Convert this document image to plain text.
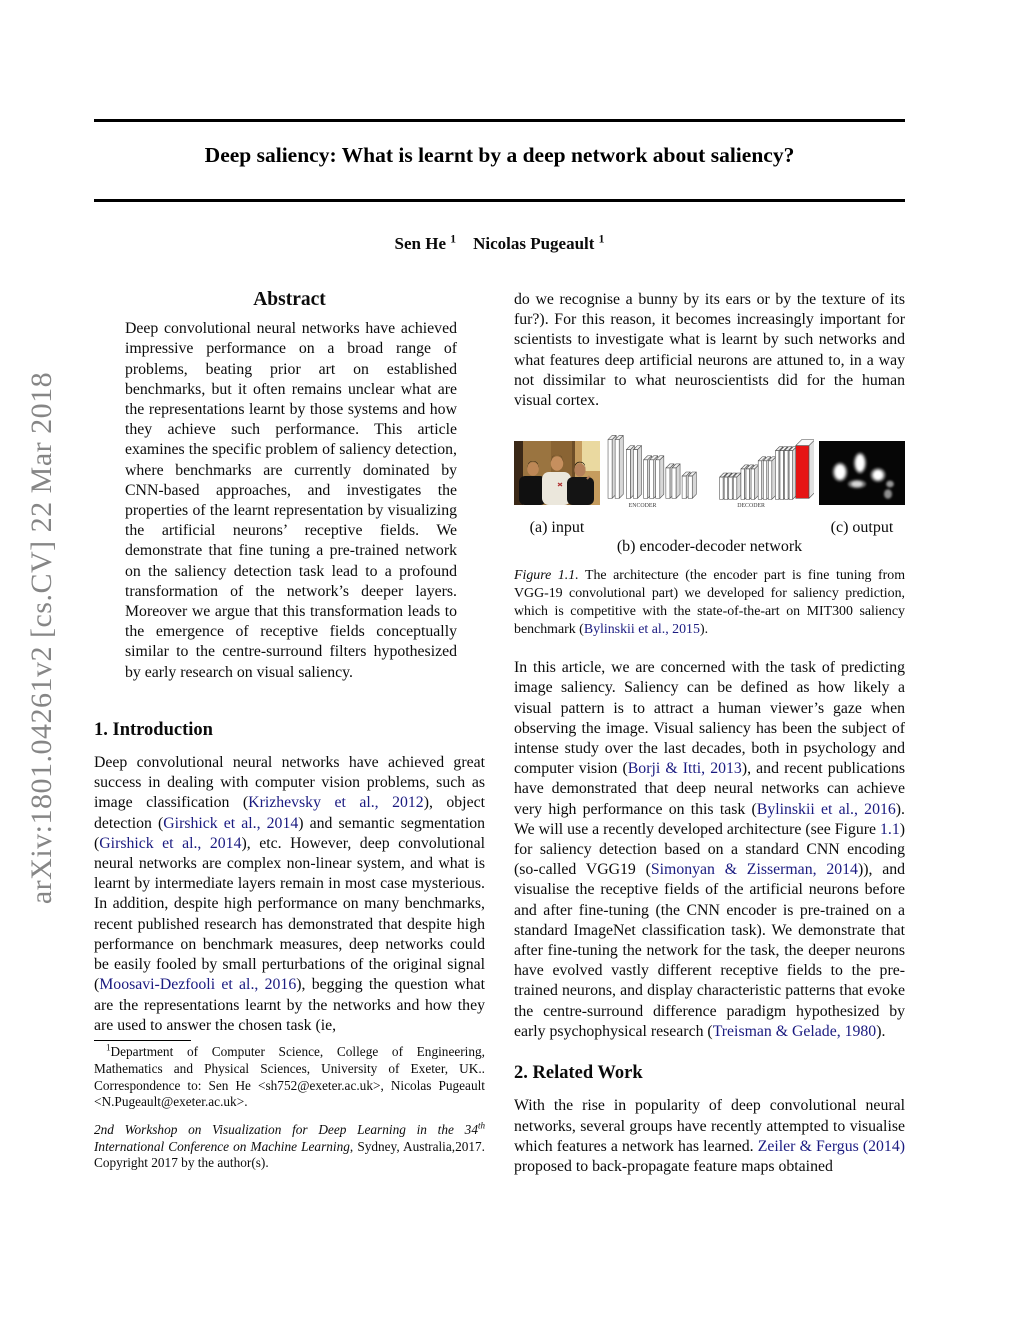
arXiv:1801.04261v2 [cs.CV] 22 Mar 2018
Deep saliency: What is learnt by a deep network about saliency?
Sen He $^1$   Nicolas Pugeault $^1$
Abstract

Deep convolutional neural networks have achieved impressive performance on a broad range of problems, beating prior art on established benchmarks, but it often remains unclear what are the representations learnt by those systems and how they achieve such performance. This article examines the specific problem of saliency detection, where benchmarks are currently dominated by CNN-based approaches, and investigates the properties of the learnt representation by visualizing the artificial neurons’ receptive fields. We demonstrate that fine tuning a pre-trained network on the saliency detection task lead to a profound transformation of the network’s deeper layers. Moreover we argue that this transformation leads to the emergence of receptive fields conceptually similar to the centre-surround filters hypothesized by early research on visual saliency.

1. Introduction

Deep convolutional neural networks have achieved great success in dealing with computer vision problems, such as image classification (Krizhevsky et al., 2012), object detection (Girshick et al., 2014) and semantic segmentation (Girshick et al., 2014), etc. However, deep convolutional neural networks are complex non-linear system, and what is learnt by intermediate layers remain in most case mysterious. In addition, despite high performance on many benchmarks, recent published research has demonstrated that despite high performance on benchmark measures, deep networks could be easily fooled by small perturbations of the original signal (Moosavi-Dezfooli et al., 2016), begging the question what are the representations learnt by the networks and how they are used to answer the chosen task (ie,

$^1$Department of Computer Science, College of Engineering, Mathematics and Physical Sciences, University of Exeter, UK.. Correspondence to: Sen He <sh752@exeter.ac.uk>, Nicolas Pugeault <N.Pugeault@exeter.ac.uk>.

2nd Workshop on Visualization for Deep Learning in the 34th International Conference on Machine Learning, Sydney, Australia,2017. Copyright 2017 by the author(s).

do we recognise a bunny by its ears or by the texture of its fur?). For this reason, it becomes increasingly important for scientists to investigate what is learnt by such networks and what features deep artificial neurons are attuned to, in a way not dissimilar to what neuroscientists did for the human visual cortex.

ENCODER	DECODER
(a) input	(c) output
(b) encoder-decoder network
Figure 1.1. The architecture (the encoder part is fine tuning from VGG-19 convolutional part) we developed for saliency prediction, which is competitive with the state-of-the-art on MIT300 saliency benchmark (Bylinskii et al., 2015).

In this article, we are concerned with the task of predicting image saliency. Saliency can be defined as how likely a visual pattern is to attract a human viewer’s gaze when observing the image. Visual saliency has been the subject of intense study over the last decades, both in psychology and computer vision (Borji & Itti, 2013), and recent publications have demonstrated that deep neural networks can achieve very high performance on this task (Bylinskii et al., 2016). We will use a recently developed architecture (see Figure 1.1) for saliency detection based on a standard CNN encoding (so-called VGG19 (Simonyan & Zisserman, 2014)), and visualise the receptive fields of the artificial neurons before and after fine-tuning (the CNN encoder is pre-trained on a standard ImageNet classification task). We demonstrate that after fine-tuning the network for the task, the deeper neurons have evolved vastly different receptive fields to the pre-trained neurons, and display characteristic patterns that evoke the centre-surround difference paradigm hypothesized by early psychophysical research (Treisman & Gelade, 1980).

2. Related Work

With the rise in popularity of deep convolutional neural networks, several groups have recently attempted to visualise which features a network has learned. Zeiler & Fergus (2014) proposed to back-propagate feature maps obtained
